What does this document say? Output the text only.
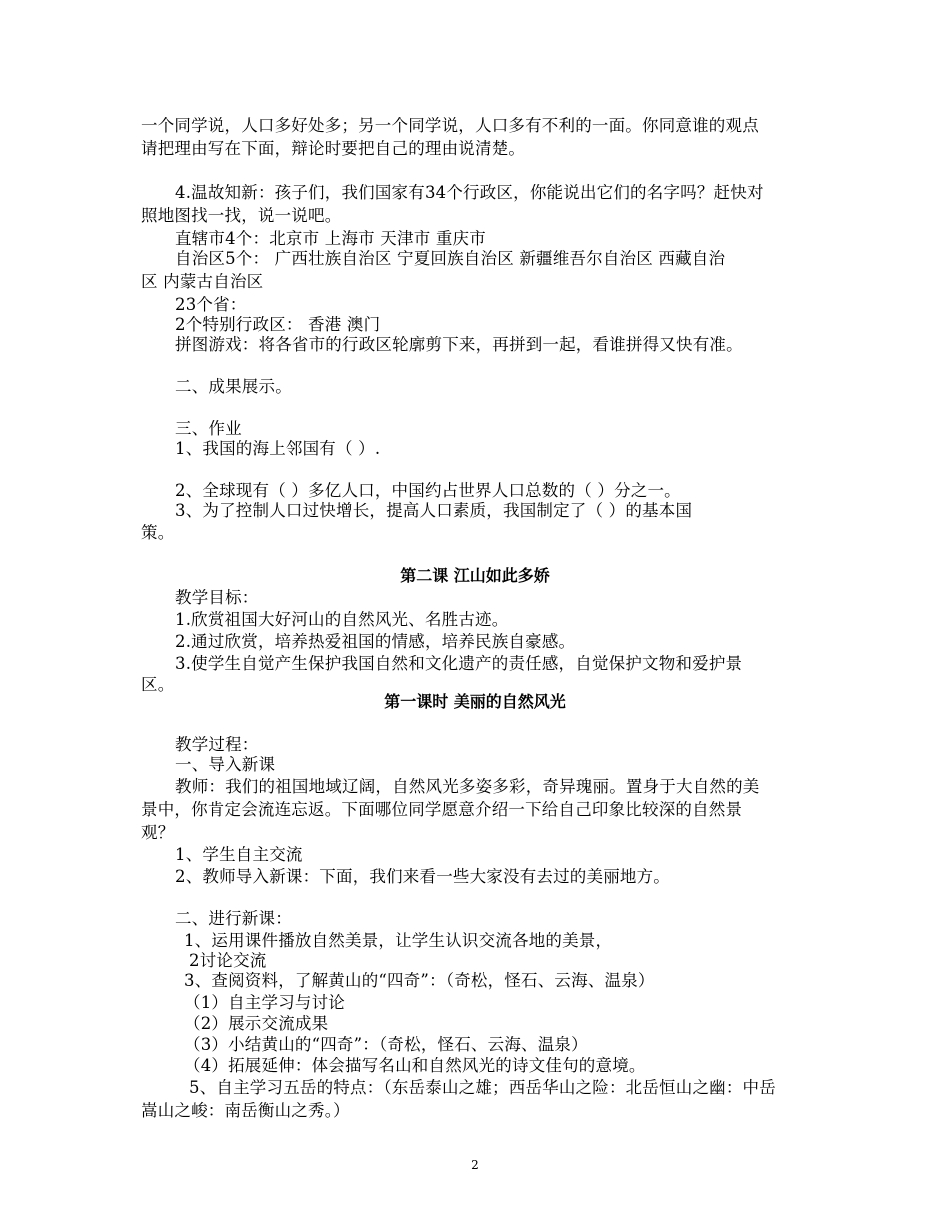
一个同学说，人口多好处多；另一个同学说，人口多有不利的一面。你同意谁的观点
请把理由写在下面，辩论时要把自己的理由说清楚。
4.温故知新：孩子们，我们国家有34个行政区，你能说出它们的名字吗？赶快对
照地图找一找，说一说吧。
直辖市4个：北京市 上海市 天津市 重庆市
自治区5个： 广西壮族自治区 宁夏回族自治区 新疆维吾尔自治区 西藏自治
区 内蒙古自治区
23个省：
2个特别行政区： 香港 澳门
拼图游戏：将各省市的行政区轮廓剪下来，再拼到一起，看谁拼得又快有准。
二、成果展示。
三、作业
1、我国的海上邻国有（ ）.
2、全球现有（ ）多亿人口，中国约占世界人口总数的（ ）分之一。
3、为了控制人口过快增长，提高人口素质，我国制定了（ ）的基本国
策。
第二课 江山如此多娇
教学目标：
1.欣赏祖国大好河山的自然风光、名胜古迹。
2.通过欣赏，培养热爱祖国的情感，培养民族自豪感。
3.使学生自觉产生保护我国自然和文化遗产的责任感，自觉保护文物和爱护景
区。
第一课时 美丽的自然风光
教学过程：
一、导入新课
教师：我们的祖国地域辽阔，自然风光多姿多彩，奇异瑰丽。置身于大自然的美
景中，你肯定会流连忘返。下面哪位同学愿意介绍一下给自己印象比较深的自然景
观？
1、学生自主交流
2、教师导入新课：下面，我们来看一些大家没有去过的美丽地方。
二、进行新课：
1、运用课件播放自然美景，让学生认识交流各地的美景，
2讨论交流
3、查阅资料，了解黄山的“四奇”：（奇松，怪石、云海、温泉）
（1）自主学习与讨论
（2）展示交流成果
（3）小结黄山的“四奇”：（奇松，怪石、云海、温泉）
（4）拓展延伸：体会描写名山和自然风光的诗文佳句的意境。
5、自主学习五岳的特点：（东岳泰山之雄；西岳华山之险：北岳恒山之幽：中岳
嵩山之峻：南岳衡山之秀。）
2
